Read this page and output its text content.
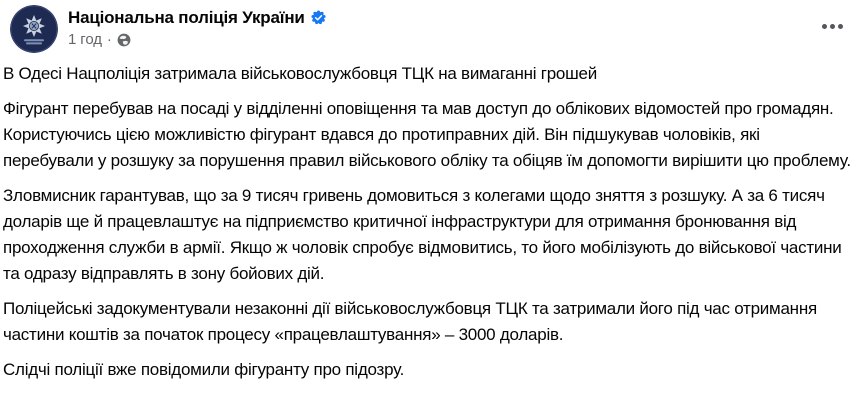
Національна поліція України
1 год ·

В Одесі Нацполіція затримала військовослужбовця ТЦК на вимаганні грошей

Фігурант перебував на посаді у відділенні оповіщення та мав доступ до облікових відомостей про громадян. Користуючись цією можливістю фігурант вдався до протиправних дій. Він підшукував чоловіків, які перебували у розшуку за порушення правил військового обліку та обіцяв їм допомогти вирішити цю проблему.

Зловмисник гарантував, що за 9 тисяч гривень домовиться з колегами щодо зняття з розшуку. А за 6 тисяч доларів ще й працевлаштує на підприємство критичної інфраструктури для отримання бронювання від проходження служби в армії. Якщо ж чоловік спробує відмовитись, то його мобілізують до військової частини та одразу відправлять в зону бойових дій.

Поліцейські задокументували незаконні дії військовослужбовця ТЦК та затримали його під час отримання частини коштів за початок процесу «працевлаштування» – 3000 доларів.

Слідчі поліції вже повідомили фігуранту про підозру.
